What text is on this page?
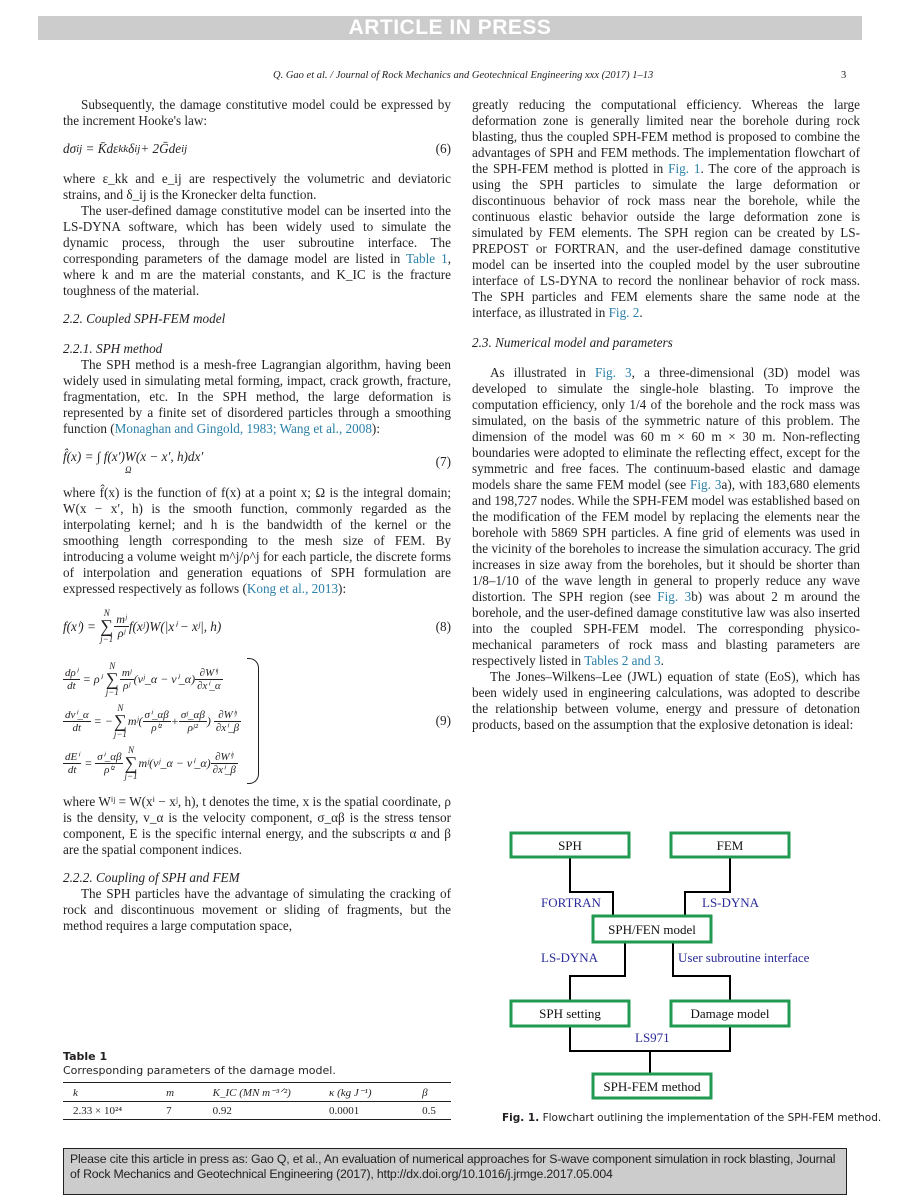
ARTICLE IN PRESS
Q. Gao et al. / Journal of Rock Mechanics and Geotechnical Engineering xxx (2017) 1–13	3

Subsequently, the damage constitutive model could be expressed by the increment Hooke's law:

dσ ij
= K̄dε kk δ ij + 2Ḡde ij	(6)

where ε_kk and e_ij are respectively the volumetric and deviatoric strains, and δ_ij is the Kronecker delta function.

The user-defined damage constitutive model can be inserted into the LS-DYNA software, which has been widely used to simulate the dynamic process, through the user subroutine interface. The corresponding parameters of the damage model are listed in Table 1, where k and m are the material constants, and K_IC is the fracture toughness of the material.

2.2. Coupled SPH-FEM model
2.2.1. SPH method

The SPH method is a mesh-free Lagrangian algorithm, having been widely used in simulating metal forming, impact, crack growth, fracture, fragmentation, etc. In the SPH method, the large deformation is represented by a finite set of disordered particles through a smoothing function (Monaghan and Gingold, 1983; Wang et al., 2008):

f̂(x) = ∫ f(x′)W(x − x′, h)dx′
Ω
(7)

where f̂(x) is the function of f(x) at a point x; Ω is the integral domain; W(x − x′, h) is the smooth function, commonly regarded as the interpolating kernel; and h is the bandwidth of the kernel or the smoothing length corresponding to the mesh size of FEM. By introducing a volume weight m^j/ρ^j for each particle, the discrete forms of interpolation and generation equations of SPH formulation are expressed respectively as follows (Kong et al., 2013):

f(xⁱ) =

N
∑
$j-1 \frac{\text{mʲ}}{\text{ρʲ}}$ f(xʲ)W(|xⁱ − xʲ|, h)	(8)
$\frac{\text{dρⁱ}}{dt}$
= ρⁱ

N
∑
$j-1 \frac{\text{mʲ}}{\text{ρʲ}}$ (vʲ_α − vⁱ_α) $\frac{\text{∂Wⁱʲ}}{\text{∂xⁱ\_α}}$
$\frac{\text{dvⁱ\_α}}{dt}$
= −
N
∑
j−1
mʲ( $\frac{\text{σⁱ\_αβ}}{\text{ρⁱ²}} + \frac{\text{σʲ\_αβ}}{\text{ρʲ²}}$ )
$\frac{\text{∂Wⁱʲ}}{\text{∂xⁱ\_β}}$
$\frac{\text{dEⁱ}}{dt}$
=
$\frac{\text{σⁱ\_αβ}}{\text{ρⁱ²}}$
N
∑
j−1
mʲ(vʲ_α − vⁱ_α) $\frac{\text{∂Wⁱʲ}}{\text{∂xⁱ\_β}}$
(9)

where Wⁱʲ = W(xⁱ − xʲ, h), t denotes the time, x is the spatial coordinate, ρ is the density, v_α is the velocity component, σ_αβ is the stress tensor component, E is the specific internal energy, and the subscripts α and β are the spatial component indices.

2.2.2. Coupling of SPH and FEM

The SPH particles have the advantage of simulating the cracking of rock and discontinuous movement or sliding of fragments, but the method requires a large computation space,

Table 1
Corresponding parameters of the damage model.
k	m	K_IC (MN m⁻³ᐟ²)	κ (kg J⁻¹)	β
2.33 × 10²⁴	7	0.92	0.0001	0.5

greatly reducing the computational efficiency. Whereas the large deformation zone is generally limited near the borehole during rock blasting, thus the coupled SPH-FEM method is proposed to combine the advantages of SPH and FEM methods. The implementation flowchart of the SPH-FEM method is plotted in Fig. 1. The core of the approach is using the SPH particles to simulate the large deformation or discontinuous behavior of rock mass near the borehole, while the continuous elastic behavior outside the large deformation zone is simulated by FEM elements. The SPH region can be created by LS-PREPOST or FORTRAN, and the user-defined damage constitutive model can be inserted into the coupled model by the user subroutine interface of LS-DYNA to record the nonlinear behavior of rock mass. The SPH particles and FEM elements share the same node at the interface, as illustrated in Fig. 2.

2.3. Numerical model and parameters

As illustrated in Fig. 3, a three-dimensional (3D) model was developed to simulate the single-hole blasting. To improve the computation efficiency, only 1/4 of the borehole and the rock mass was simulated, on the basis of the symmetric nature of this problem. The dimension of the model was 60 m × 60 m × 30 m. Non-reflecting boundaries were adopted to eliminate the reflecting effect, except for the symmetric and free faces. The continuum-based elastic and damage models share the same FEM model (see Fig. 3a), with 183,680 elements and 198,727 nodes. While the SPH-FEM model was established based on the modification of the FEM model by replacing the elements near the borehole with 5869 SPH particles. A fine grid of elements was used in the vicinity of the boreholes to increase the simulation accuracy. The grid increases in size away from the boreholes, but it should be shorter than 1/8–1/10 of the wave length in general to properly reduce any wave distortion. The SPH region (see Fig. 3b) was about 2 m around the borehole, and the user-defined damage constitutive law was also inserted into the coupled SPH-FEM model. The corresponding physico-mechanical parameters of rock mass and blasting parameters are respectively listed in Tables 2 and 3.

The Jones–Wilkens–Lee (JWL) equation of state (EoS), which has been widely used in engineering calculations, was adopted to describe the relationship between volume, energy and pressure of detonation products, based on the assumption that the explosive detonation is ideal:

SPH	FEM
SPH/FEN model
SPH setting	Damage model
SPH-FEM method
FORTRAN	LS-DYNA
LS-DYNA	User subroutine interface
LS971
Fig. 1. Flowchart outlining the implementation of the SPH-FEM method.
Please cite this article in press as: Gao Q, et al., An evaluation of numerical approaches for S-wave component simulation in rock blasting, Journal of Rock Mechanics and Geotechnical Engineering (2017), http://dx.doi.org/10.1016/j.jrmge.2017.05.004
